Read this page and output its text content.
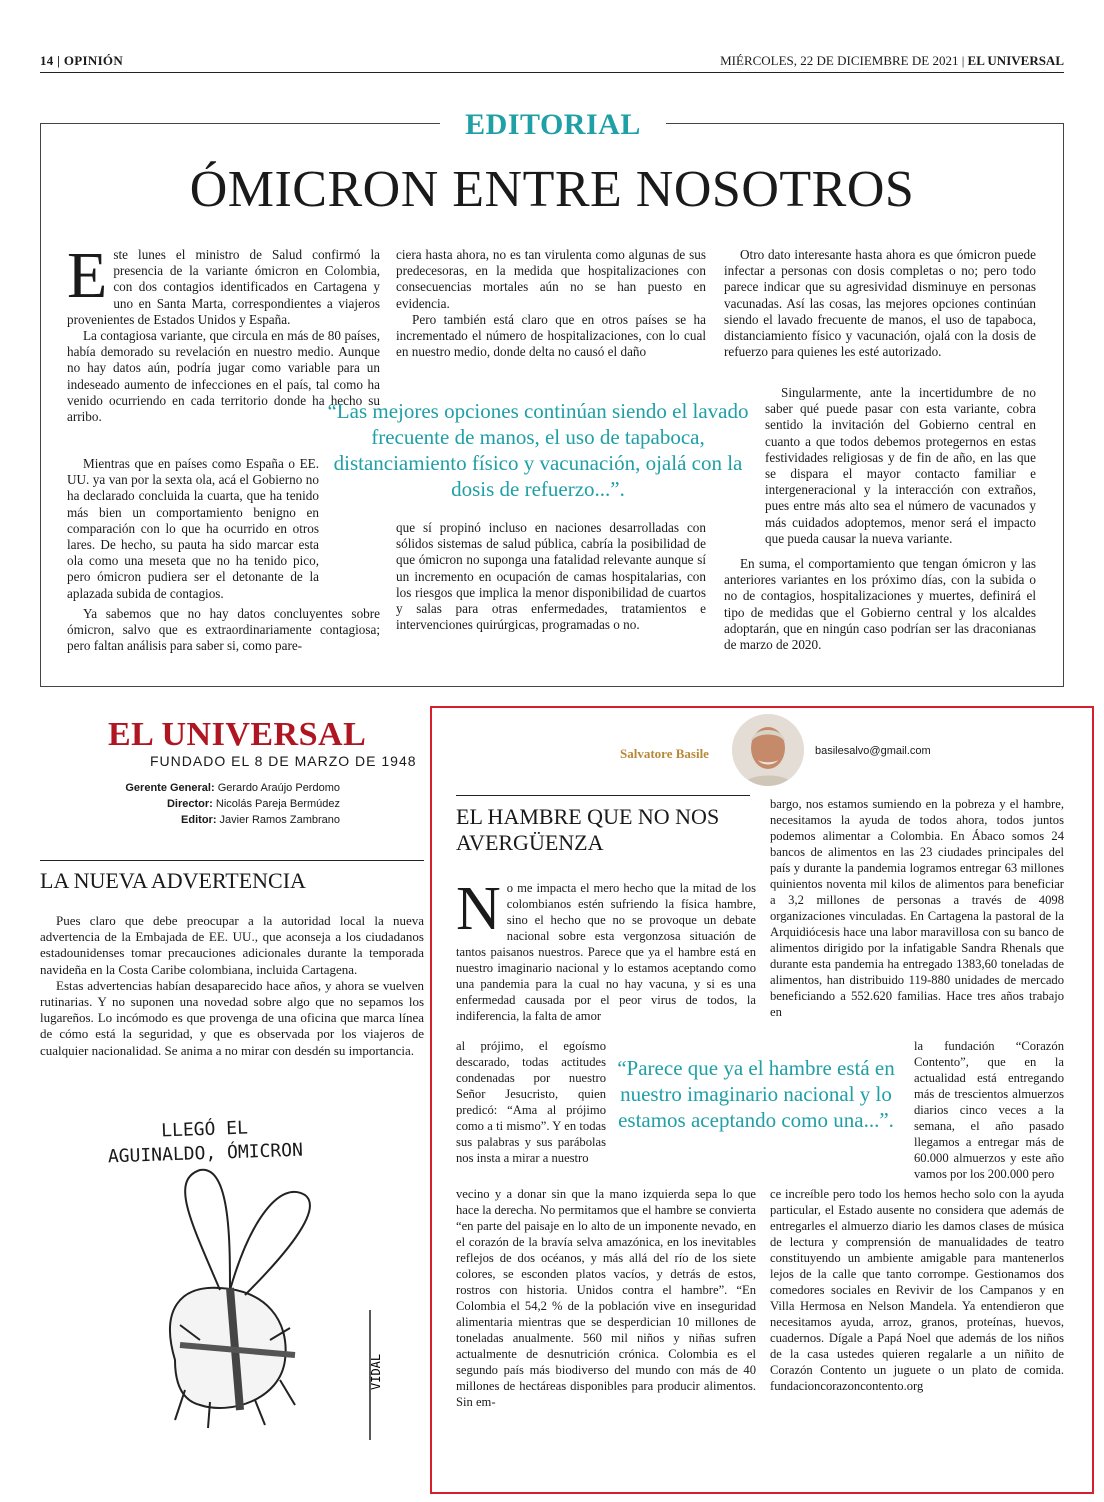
14 | OPINIÓN	MIÉRCOLES, 22 DE DICIEMBRE DE 2021 | EL UNIVERSAL
EDITORIAL
ÓMICRON ENTRE NOSOTROS

Este lunes el ministro de Salud confirmó la presencia de la variante ómicron en Colombia, con dos contagios identificados en Cartagena y uno en Santa Marta, correspondientes a viajeros provenientes de Estados Unidos y España.

La contagiosa variante, que circula en más de 80 países, había demorado su revelación en nuestro medio. Aunque no hay datos aún, podría jugar como variable para un indeseado aumento de infecciones en el país, tal como ha venido ocurriendo en cada territorio donde ha hecho su arribo.

Mientras que en países como España o EE. UU. ya van por la sexta ola, acá el Gobierno no ha declarado concluida la cuarta, que ha tenido más bien un comportamiento benigno en comparación con lo que ha ocurrido en otros lares. De hecho, su pauta ha sido marcar esta ola como una meseta que no ha tenido pico, pero ómicron pudiera ser el detonante de la aplazada subida de contagios.

Ya sabemos que no hay datos concluyentes sobre ómicron, salvo que es extraordinariamente contagiosa; pero faltan análisis para saber si, como pare-

ciera hasta ahora, no es tan virulenta como algunas de sus predecesoras, en la medida que hospitalizaciones con consecuencias mortales aún no se han puesto en evidencia.

Pero también está claro que en otros países se ha incrementado el número de hospitalizaciones, con lo cual en nuestro medio, donde delta no causó el daño

que sí propinó incluso en naciones desarrolladas con sólidos sistemas de salud pública, cabría la posibilidad de que ómicron no suponga una fatalidad relevante aunque sí un incremento en ocupación de camas hospitalarias, con los riesgos que implica la menor disponibilidad de cuartos y salas para otras enfermedades, tratamientos e intervenciones quirúrgicas, programadas o no.

Otro dato interesante hasta ahora es que ómicron puede infectar a personas con dosis completas o no; pero todo parece indicar que su agresividad disminuye en personas vacunadas. Así las cosas, las mejores opciones continúan siendo el lavado frecuente de manos, el uso de tapaboca, distanciamiento físico y vacunación, ojalá con la dosis de refuerzo para quienes les esté autorizado.

Singularmente, ante la incertidumbre de no saber qué puede pasar con esta variante, cobra sentido la invitación del Gobierno central en cuanto a que todos debemos protegernos en estas festividades religiosas y de fin de año, en las que se dispara el mayor contacto familiar e intergeneracional y la interacción con extraños, pues entre más alto sea el número de vacunados y más cuidados adoptemos, menor será el impacto que pueda causar la nueva variante.

En suma, el comportamiento que tengan ómicron y las anteriores variantes en los próximo días, con la subida o no de contagios, hospitalizaciones y muertes, definirá el tipo de medidas que el Gobierno central y los alcaldes adoptarán, que en ningún caso podrían ser las draconianas de marzo de 2020.

“Las mejores opciones continúan siendo el lavado frecuente de manos, el uso de tapaboca, distanciamiento físico y vacunación, ojalá con la dosis de refuerzo...”.
EL UNIVERSAL
FUNDADO EL 8 DE MARZO DE 1948
Gerente General: Gerardo Araújo Perdomo
Director: Nicolás Pareja Bermúdez
Editor: Javier Ramos Zambrano
LA NUEVA ADVERTENCIA

Pues claro que debe preocupar a la autoridad local la nueva advertencia de la Embajada de EE. UU., que aconseja a los ciudadanos estadounidenses tomar precauciones adicionales durante la temporada navideña en la Costa Caribe colombiana, incluida Cartagena.

Estas advertencias habían desaparecido hace años, y ahora se vuelven rutinarias. Y no suponen una novedad sobre algo que no sepamos los lugareños. Lo incómodo es que provenga de una oficina que marca línea de cómo está la seguridad, y que es observada por los viajeros de cualquier nacionalidad. Se anima a no mirar con desdén su importancia.

LLEGÓ EL AGUINALDO, ÓMICRON
VIDAL
Salvatore Basile	basilesalvo@gmail.com
EL HAMBRE QUE NO NOS AVERGÜENZA

No me impacta el mero hecho que la mitad de los colombianos estén sufriendo la física hambre, sino el hecho que no se provoque un debate nacional sobre esta vergonzosa situación de tantos paisanos nuestros. Parece que ya el hambre está en nuestro imaginario nacional y lo estamos aceptando como una pandemia para la cual no hay vacuna, y si es una enfermedad causada por el peor virus de todos, la indiferencia, la falta de amor

al prójimo, el egoísmo descarado, todas actitudes condenadas por nuestro Señor Jesucristo, quien predicó: “Ama al prójimo como a ti mismo”. Y en todas sus palabras y sus parábolas nos insta a mirar a nuestro

vecino y a donar sin que la mano izquierda sepa lo que hace la derecha. No permitamos que el hambre se convierta “en parte del paisaje en lo alto de un imponente nevado, en el corazón de la bravía selva amazónica, en los inevitables reflejos de dos océanos, y más allá del río de los siete colores, se esconden platos vacíos, y detrás de estos, rostros con historia. Unidos contra el hambre”. “En Colombia el 54,2 % de la población vive en inseguridad alimentaria mientras que se desperdician 10 millones de toneladas anualmente. 560 mil niños y niñas sufren actualmente de desnutrición crónica. Colombia es el segundo país más biodiverso del mundo con más de 40 millones de hectáreas disponibles para producir alimentos. Sin em-

bargo, nos estamos sumiendo en la pobreza y el hambre, necesitamos la ayuda de todos ahora, todos juntos podemos alimentar a Colombia. En Ábaco somos 24 bancos de alimentos en las 23 ciudades principales del país y durante la pandemia logramos entregar 63 millones quinientos noventa mil kilos de alimentos para beneficiar a 3,2 millones de personas a través de 4098 organizaciones vinculadas. En Cartagena la pastoral de la Arquidiócesis hace una labor maravillosa con su banco de alimentos dirigido por la infatigable Sandra Rhenals que durante esta pandemia ha entregado 1383,60 toneladas de alimentos, han distribuido 119-880 unidades de mercado beneficiando a 552.620 familias. Hace tres años trabajo en

la fundación “Corazón Contento”, que en la actualidad está entregando más de trescientos almuerzos diarios cinco veces a la semana, el año pasado llegamos a entregar más de 60.000 almuerzos y este año vamos por los 200.000 pero

ce increíble pero todo los hemos hecho solo con la ayuda particular, el Estado ausente no considera que además de entregarles el almuerzo diario les damos clases de música de lectura y comprensión de manualidades de teatro constituyendo un ambiente amigable para mantenerlos lejos de la calle que tanto corrompe. Gestionamos dos comedores sociales en Revivir de los Campanos y en Villa Hermosa en Nelson Mandela. Ya entendieron que necesitamos ayuda, arroz, granos, proteínas, huevos, cuadernos. Dígale a Papá Noel que además de los niños de la casa ustedes quieren regalarle a un niñito de Corazón Contento un juguete o un plato de comida. fundacioncorazoncontento.org

“Parece que ya el hambre está en nuestro imaginario nacional y lo estamos aceptando como una...”.
